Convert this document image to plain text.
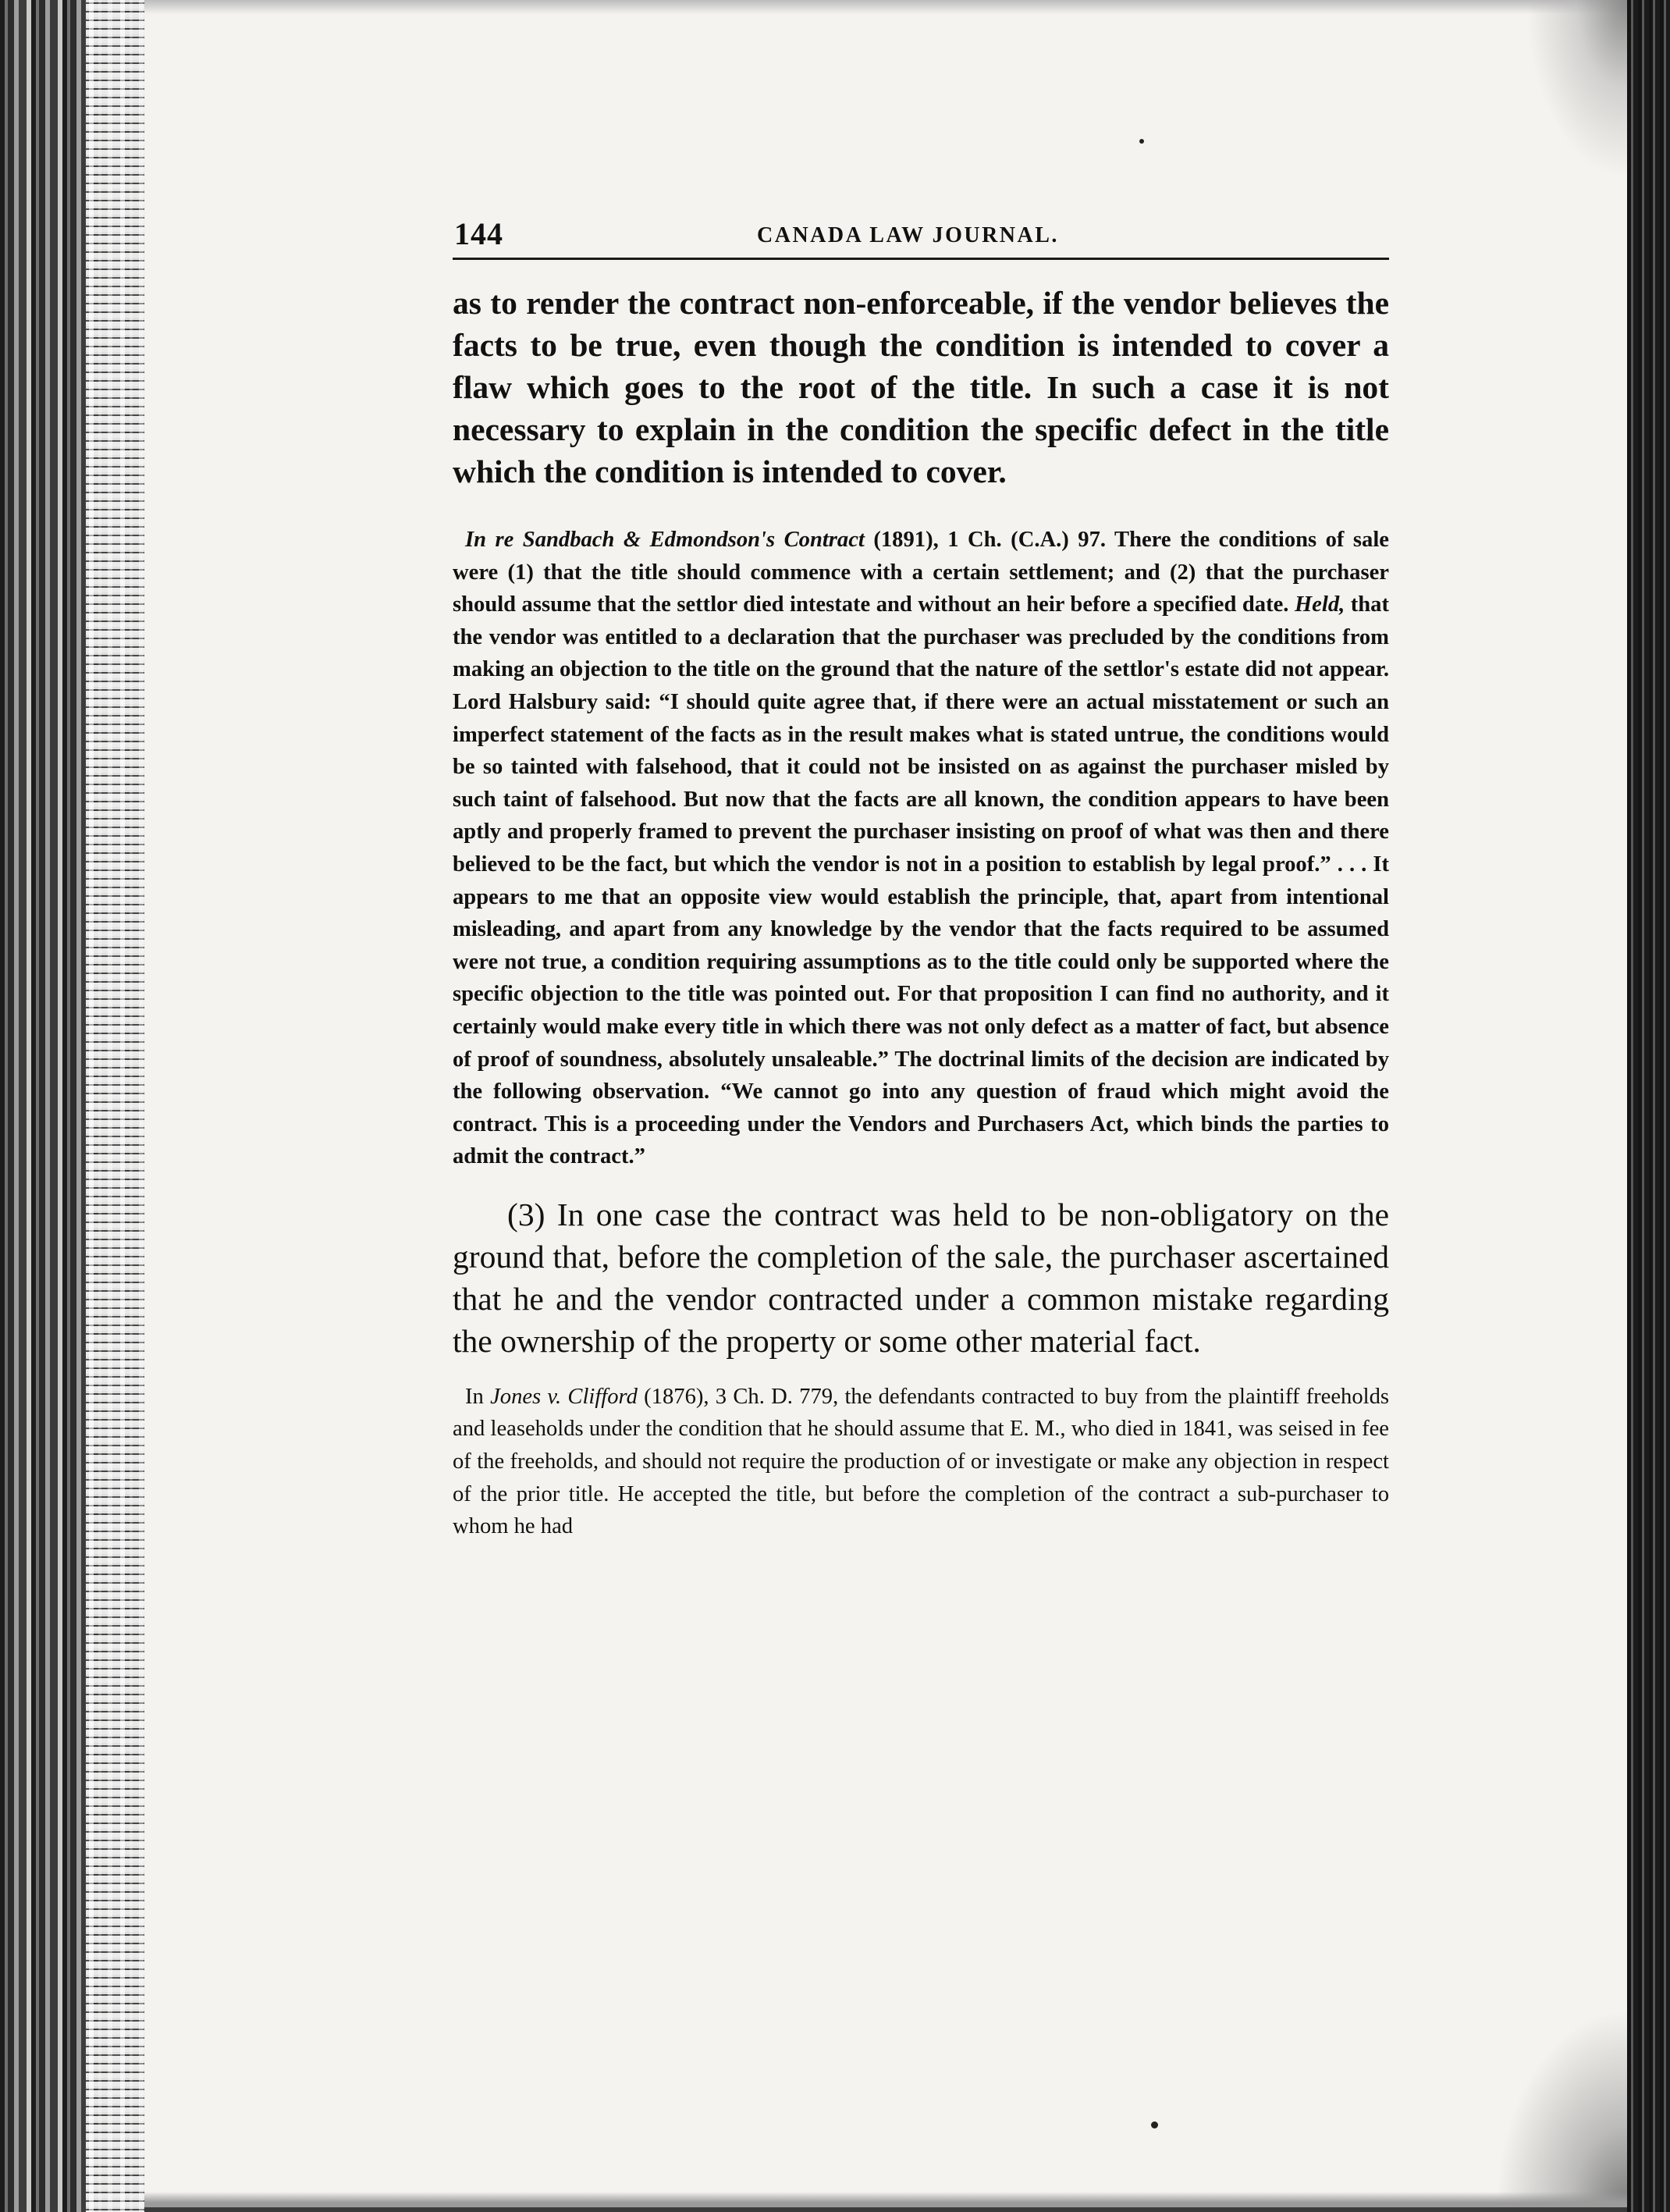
144	CANADA LAW JOURNAL.

as to render the contract non-enforceable, if the vendor believes the facts to be true, even though the condition is intended to cover a flaw which goes to the root of the title. In such a case it is not necessary to explain in the condition the specific defect in the title which the condition is intended to cover.

In re Sandbach & Edmondson's Contract (1891), 1 Ch. (C.A.) 97. There the conditions of sale were (1) that the title should commence with a certain settlement; and (2) that the purchaser should assume that the settlor died intestate and without an heir before a specified date. Held, that the vendor was entitled to a declaration that the purchaser was precluded by the conditions from making an objection to the title on the ground that the nature of the settlor's estate did not appear. Lord Halsbury said: “I should quite agree that, if there were an actual misstatement or such an imperfect statement of the facts as in the result makes what is stated untrue, the conditions would be so tainted with falsehood, that it could not be insisted on as against the purchaser misled by such taint of falsehood. But now that the facts are all known, the condition appears to have been aptly and properly framed to prevent the purchaser insisting on proof of what was then and there believed to be the fact, but which the vendor is not in a position to establish by legal proof.” . . . It appears to me that an opposite view would establish the principle, that, apart from intentional misleading, and apart from any knowledge by the vendor that the facts required to be assumed were not true, a condition requiring assumptions as to the title could only be supported where the specific objection to the title was pointed out. For that proposition I can find no authority, and it certainly would make every title in which there was not only defect as a matter of fact, but absence of proof of soundness, absolutely unsaleable.” The doctrinal limits of the decision are indicated by the following observation. “We cannot go into any question of fraud which might avoid the contract. This is a proceeding under the Vendors and Purchasers Act, which binds the parties to admit the contract.”

(3) In one case the contract was held to be non-obligatory on the ground that, before the completion of the sale, the purchaser ascertained that he and the vendor contracted under a common mistake regarding the ownership of the property or some other material fact.

In Jones v. Clifford (1876), 3 Ch. D. 779, the defendants contracted to buy from the plaintiff freeholds and leaseholds under the condition that he should assume that E. M., who died in 1841, was seised in fee of the freeholds, and should not require the production of or investigate or make any objection in respect of the prior title. He accepted the title, but before the completion of the contract a sub-purchaser to whom he had
